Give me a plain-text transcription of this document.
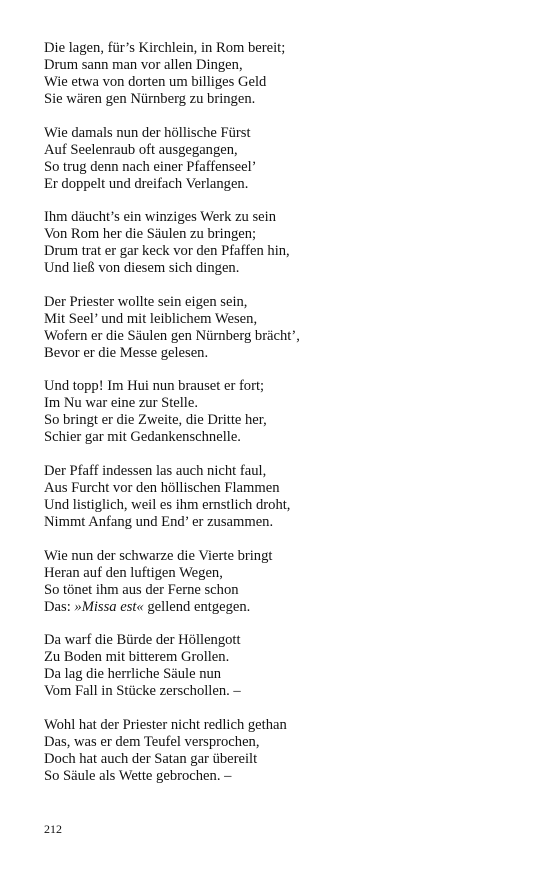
Die lagen, für’s Kirchlein, in Rom bereit;

Drum sann man vor allen Dingen,

Wie etwa von dorten um billiges Geld

Sie wären gen Nürnberg zu bringen.

Wie damals nun der höllische Fürst

Auf Seelenraub oft ausgegangen,

So trug denn nach einer Pfaffenseel’

Er doppelt und dreifach Verlangen.

Ihm däucht’s ein winziges Werk zu sein

Von Rom her die Säulen zu bringen;

Drum trat er gar keck vor den Pfaffen hin,

Und ließ von diesem sich dingen.

Der Priester wollte sein eigen sein,

Mit Seel’ und mit leiblichem Wesen,

Wofern er die Säulen gen Nürnberg brächt’,

Bevor er die Messe gelesen.

Und topp! Im Hui nun brauset er fort;

Im Nu war eine zur Stelle.

So bringt er die Zweite, die Dritte her,

Schier gar mit Gedankenschnelle.

Der Pfaff indessen las auch nicht faul,

Aus Furcht vor den höllischen Flammen

Und listiglich, weil es ihm ernstlich droht,

Nimmt Anfang und End’ er zusammen.

Wie nun der schwarze die Vierte bringt

Heran auf den luftigen Wegen,

So tönet ihm aus der Ferne schon

Das: »Missa est« gellend entgegen.

Da warf die Bürde der Höllengott

Zu Boden mit bitterem Grollen.

Da lag die herrliche Säule nun

Vom Fall in Stücke zerschollen. –

Wohl hat der Priester nicht redlich gethan

Das, was er dem Teufel versprochen,

Doch hat auch der Satan gar übereilt

So Säule als Wette gebrochen. –

212
